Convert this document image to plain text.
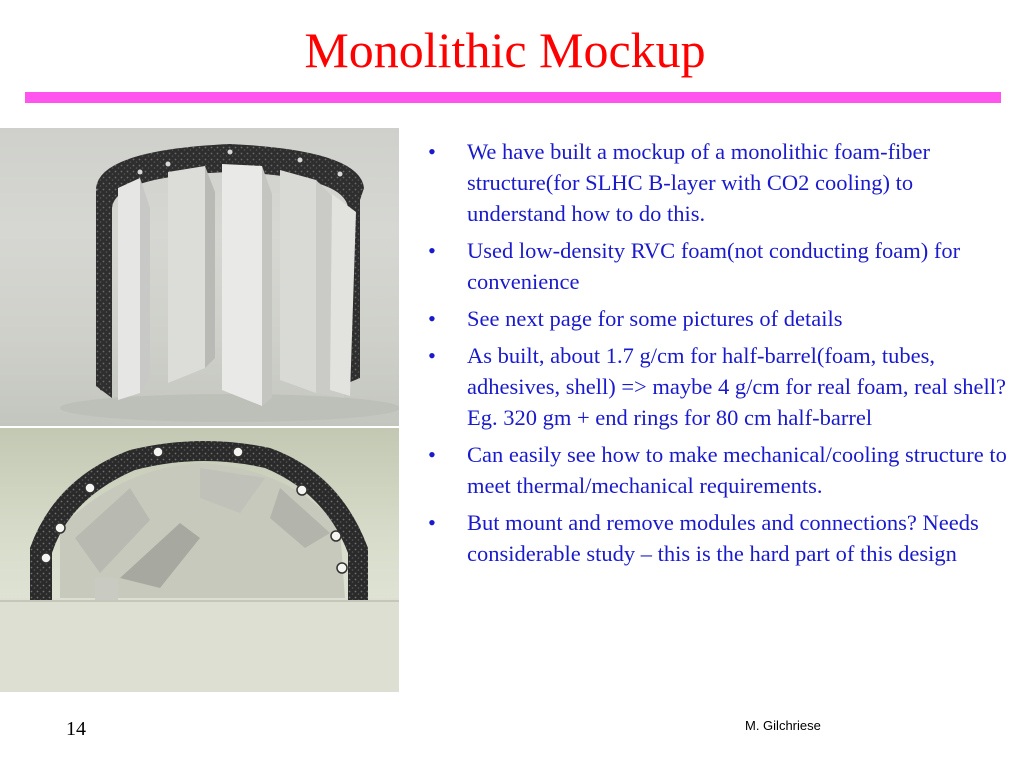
Monolithic Mockup
• We have built a mockup of a monolithic foam-fiber structure(for SLHC B-layer with CO2 cooling) to understand how to do this.
• Used low-density RVC foam(not conducting foam) for convenience
• See next page for some pictures of details
• As built, about 1.7 g/cm for half-barrel(foam, tubes, adhesives, shell) => maybe 4 g/cm for real foam, real shell? Eg. 320 gm + end rings for 80 cm half-barrel
• Can easily see how to make mechanical/cooling structure to meet thermal/mechanical requirements.
• But mount and remove modules and connections? Needs considerable study – this is the hard part of this design
14	M. Gilchriese
